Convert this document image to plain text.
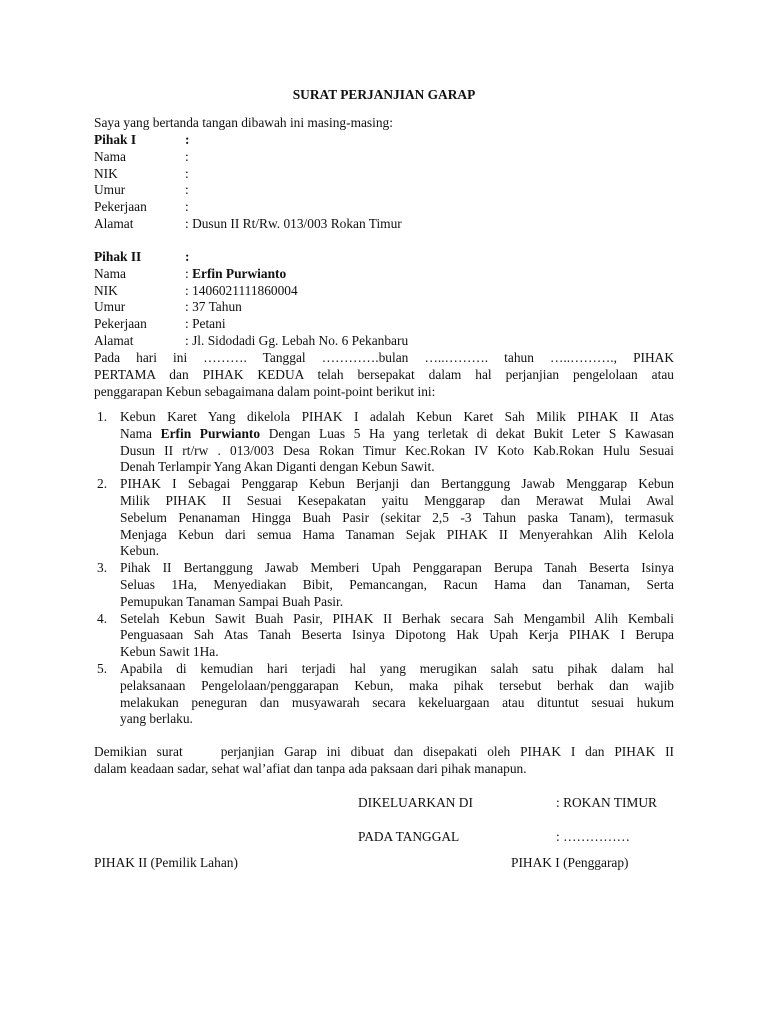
SURAT PERJANJIAN GARAP
Saya yang bertanda tangan dibawah ini masing-masing:
Pihak I	:
Nama	:
NIK	:
Umur	:
Pekerjaan	:
Alamat	: Dusun II Rt/Rw. 013/003 Rokan Timur
Pihak II	:
Nama	: Erfin Purwianto
NIK	: 1406021111860004
Umur	: 37 Tahun
Pekerjaan	: Petani
Alamat	: Jl. Sidodadi Gg. Lebah No. 6 Pekanbaru
Pada hari ini ………. Tanggal ………….bulan …..………. tahun …..………., PIHAK
PERTAMA dan PIHAK KEDUA telah bersepakat dalam hal perjanjian pengelolaan atau
penggarapan Kebun sebagaimana dalam point-point berikut ini:
1. Kebun Karet Yang dikelola PIHAK I adalah Kebun Karet Sah Milik PIHAK II Atas
Nama Erfin Purwianto Dengan Luas 5 Ha yang terletak di dekat Bukit Leter S Kawasan
Dusun II rt/rw . 013/003 Desa Rokan Timur Kec.Rokan IV Koto Kab.Rokan Hulu Sesuai
Denah Terlampir Yang Akan Diganti dengan Kebun Sawit.
2. PIHAK I Sebagai Penggarap Kebun Berjanji dan Bertanggung Jawab Menggarap Kebun
Milik PIHAK II Sesuai Kesepakatan yaitu Menggarap dan Merawat Mulai Awal
Sebelum Penanaman Hingga Buah Pasir (sekitar 2,5 -3 Tahun paska Tanam), termasuk
Menjaga Kebun dari semua Hama Tanaman Sejak PIHAK II Menyerahkan Alih Kelola
Kebun.
3. Pihak II Bertanggung Jawab Memberi Upah Penggarapan Berupa Tanah Beserta Isinya
Seluas 1Ha, Menyediakan Bibit, Pemancangan, Racun Hama dan Tanaman, Serta
Pemupukan Tanaman Sampai Buah Pasir.
4. Setelah Kebun Sawit Buah Pasir, PIHAK II Berhak secara Sah Mengambil Alih Kembali
Penguasaan Sah Atas Tanah Beserta Isinya Dipotong Hak Upah Kerja PIHAK I Berupa
Kebun Sawit 1Ha.
5. Apabila di kemudian hari terjadi hal yang merugikan salah satu pihak dalam hal
pelaksanaan Pengelolaan/penggarapan Kebun, maka pihak tersebut berhak dan wajib
melakukan peneguran dan musyawarah secara kekeluargaan atau dituntut sesuai hukum
yang berlaku.
Demikian surat	perjanjian Garap ini dibuat dan disepakati oleh PIHAK I dan PIHAK II
dalam keadaan sadar, sehat wal’afiat dan tanpa ada paksaan dari pihak manapun.
DIKELUARKAN DI	: ROKAN TIMUR
PADA TANGGAL	: ……………
PIHAK II (Pemilik Lahan)	PIHAK I (Penggarap)
